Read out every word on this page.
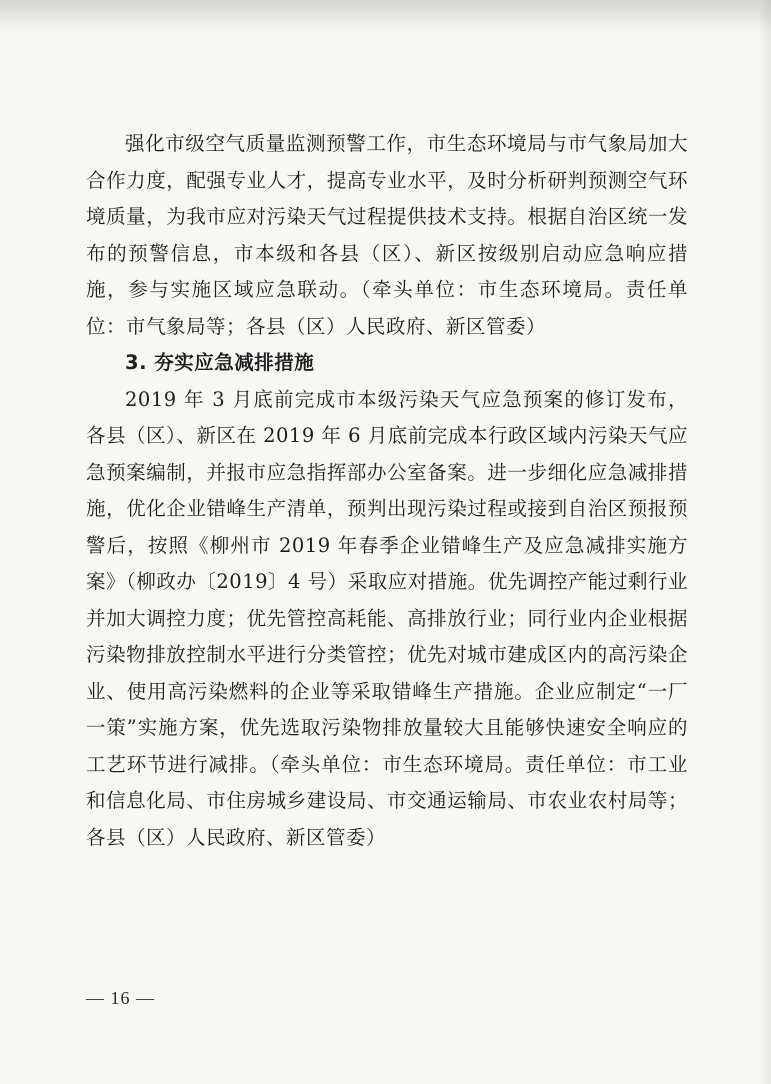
强化市级空气质量监测预警工作，市生态环境局与市气象局加大合作力度，配强专业人才，提高专业水平，及时分析研判预测空气环境质量，为我市应对污染天气过程提供技术支持。根据自治区统一发布的预警信息，市本级和各县（区）、新区按级别启动应急响应措施，参与实施区域应急联动。（牵头单位：市生态环境局。责任单位：市气象局等；各县（区）人民政府、新区管委）

3. 夯实应急减排措施

2019 年 3 月底前完成市本级污染天气应急预案的修订发布，各县（区）、新区在 2019 年 6 月底前完成本行政区域内污染天气应急预案编制，并报市应急指挥部办公室备案。进一步细化应急减排措施，优化企业错峰生产清单，预判出现污染过程或接到自治区预报预警后，按照《柳州市 2019 年春季企业错峰生产及应急减排实施方案》（柳政办〔2019〕4 号）采取应对措施。优先调控产能过剩行业并加大调控力度；优先管控高耗能、高排放行业；同行业内企业根据污染物排放控制水平进行分类管控；优先对城市建成区内的高污染企业、使用高污染燃料的企业等采取错峰生产措施。企业应制定“一厂一策”实施方案，优先选取污染物排放量较大且能够快速安全响应的工艺环节进行减排。（牵头单位：市生态环境局。责任单位：市工业和信息化局、市住房城乡建设局、市交通运输局、市农业农村局等；各县（区）人民政府、新区管委）

— 16 —
